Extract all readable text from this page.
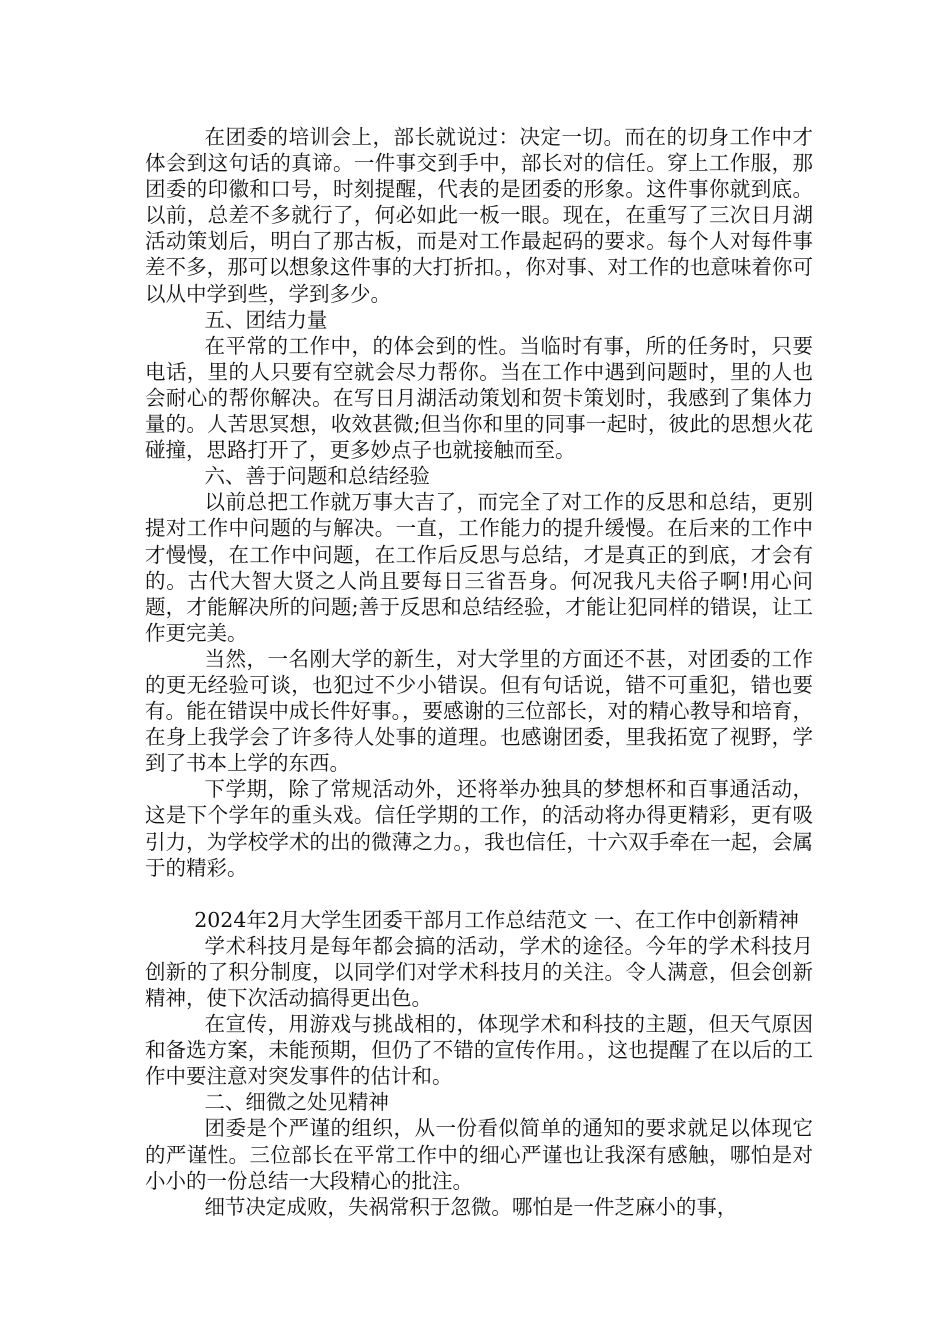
在团委的培训会上，部长就说过：决定一切。而在的切身工作中才体会到这句话的真谛。一件事交到手中，部长对的信任。穿上工作服，那团委的印徽和口号，时刻提醒，代表的是团委的形象。这件事你就到底。以前，总差不多就行了，何必如此一板一眼。现在，在重写了三次日月湖活动策划后，明白了那古板，而是对工作最起码的要求。每个人对每件事差不多，那可以想象这件事的大打折扣。，你对事、对工作的也意味着你可以从中学到些，学到多少。

五、团结力量

在平常的工作中，的体会到的性。当临时有事，所的任务时，只要电话，里的人只要有空就会尽力帮你。当在工作中遇到问题时，里的人也会耐心的帮你解决。在写日月湖活动策划和贺卡策划时，我感到了集体力量的。人苦思冥想，收效甚微;但当你和里的同事一起时，彼此的思想火花碰撞，思路打开了，更多妙点子也就接触而至。

六、善于问题和总结经验

以前总把工作就万事大吉了，而完全了对工作的反思和总结，更别提对工作中问题的与解决。一直，工作能力的提升缓慢。在后来的工作中才慢慢，在工作中问题，在工作后反思与总结，才是真正的到底，才会有的。古代大智大贤之人尚且要每日三省吾身。何况我凡夫俗子啊!用心问题，才能解决所的问题;善于反思和总结经验，才能让犯同样的错误，让工作更完美。

当然，一名刚大学的新生，对大学里的方面还不甚，对团委的工作的更无经验可谈，也犯过不少小错误。但有句话说，错不可重犯，错也要有。能在错误中成长件好事。，要感谢的三位部长，对的精心教导和培育，在身上我学会了许多待人处事的道理。也感谢团委，里我拓宽了视野，学到了书本上学的东西。

下学期，除了常规活动外，还将举办独具的梦想杯和百事通活动，这是下个学年的重头戏。信任学期的工作，的活动将办得更精彩，更有吸引力，为学校学术的出的微薄之力。，我也信任，十六双手牵在一起，会属于的精彩。

2024年2月大学生团委干部月工作总结范文 一、在工作中创新精神

学术科技月是每年都会搞的活动，学术的途径。今年的学术科技月创新的了积分制度，以同学们对学术科技月的关注。令人满意，但会创新精神，使下次活动搞得更出色。

在宣传，用游戏与挑战相的，体现学术和科技的主题，但天气原因和备选方案，未能预期，但仍了不错的宣传作用。，这也提醒了在以后的工作中要注意对突发事件的估计和。

二、细微之处见精神

团委是个严谨的组织，从一份看似简单的通知的要求就足以体现它的严谨性。三位部长在平常工作中的细心严谨也让我深有感触，哪怕是对小小的一份总结一大段精心的批注。

细节决定成败，失祸常积于忽微。哪怕是一件芝麻小的事，
